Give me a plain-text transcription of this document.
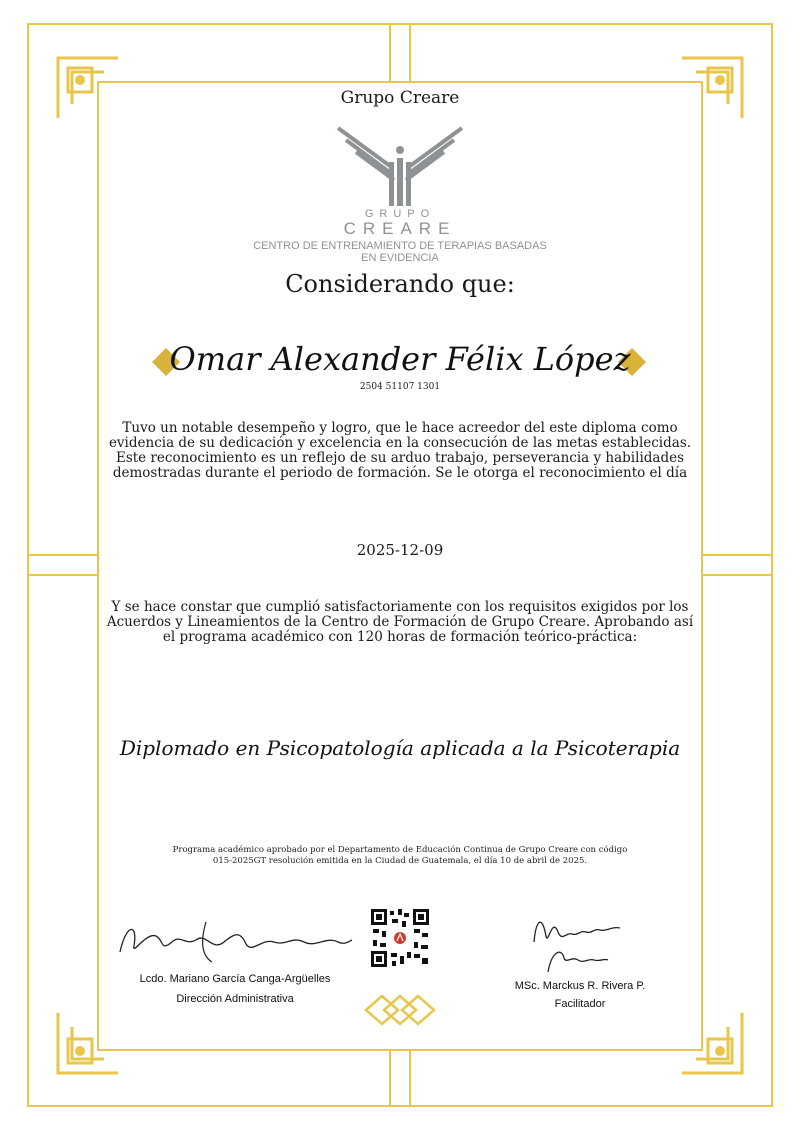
Grupo Creare
GRUPO
CREARE
CENTRO DE ENTRENAMIENTO DE TERAPIAS BASADAS
EN EVIDENCIA
Considerando que:
Omar Alexander Félix López
2504 51107 1301
Tuvo un notable desempeño y logro, que le hace acreedor del este diploma como
evidencia de su dedicación y excelencia en la consecución de las metas establecidas.
Este reconocimiento es un reflejo de su arduo trabajo, perseverancia y habilidades
demostradas durante el periodo de formación. Se le otorga el reconocimiento el día
2025-12-09
Y se hace constar que cumplió satisfactoriamente con los requisitos exigidos por los
Acuerdos y Lineamientos de la Centro de Formación de Grupo Creare. Aprobando así
el programa académico con 120 horas de formación teórico-práctica:
Diplomado en Psicopatología aplicada a la Psicoterapia
Programa académico aprobado por el Departamento de Educación Continua de Grupo Creare con código
015-2025GT resolución emitida en la Ciudad de Guatemala, el día 10 de abril de 2025.
Lcdo. Mariano García Canga-Argüelles
Dirección Administrativa
MSc. Marckus R. Rivera P.
Facilitador
